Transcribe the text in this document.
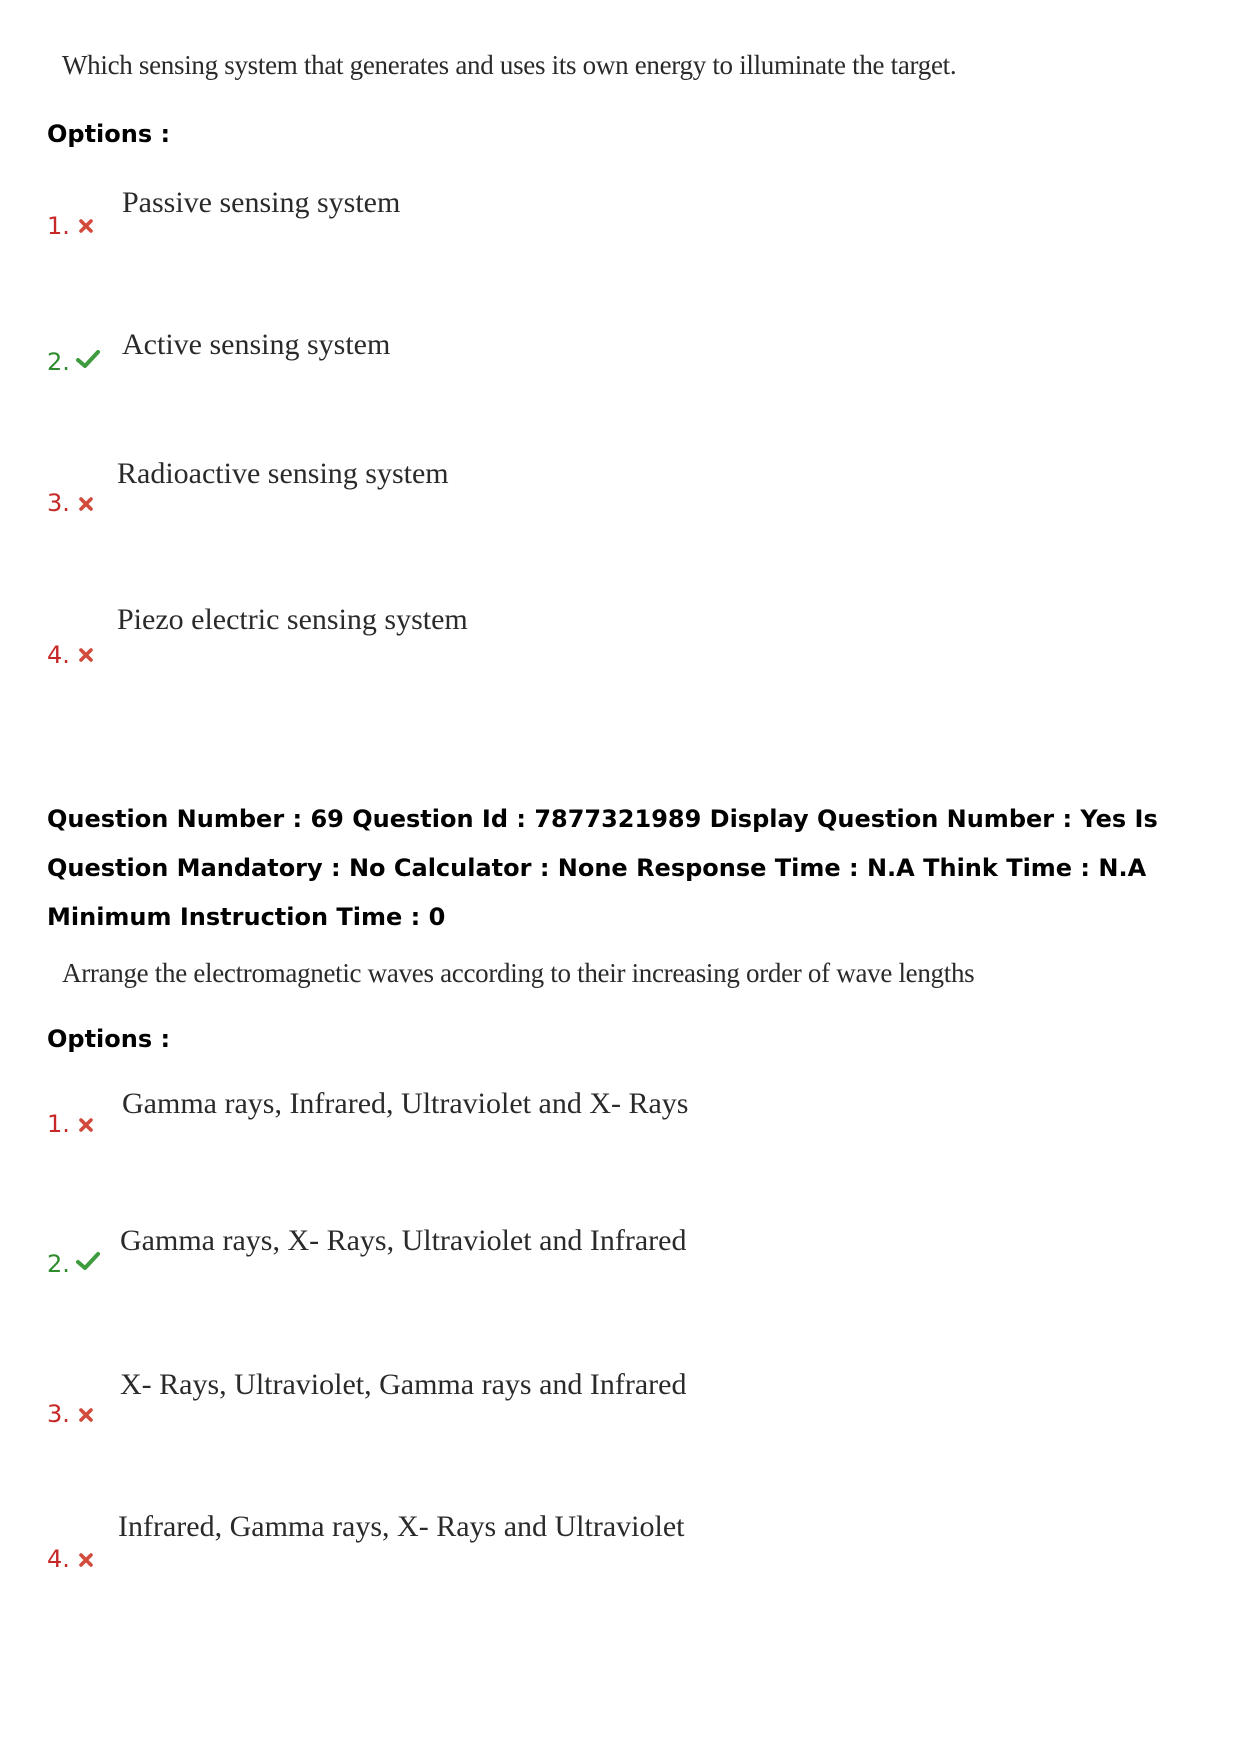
Which sensing system that generates and uses its own energy to illuminate the target.
Options :
1.
Passive sensing system
2.
Active sensing system
3.
Radioactive sensing system
4.
Piezo electric sensing system
Question Number : 69 Question Id : 7877321989 Display Question Number : Yes Is Question Mandatory : No Calculator : None Response Time : N.A Think Time : N.A Minimum Instruction Time : 0
Arrange the electromagnetic waves according to their increasing order of wave lengths
Options :
1.
Gamma rays, Infrared, Ultraviolet and X- Rays
2.
Gamma rays, X- Rays, Ultraviolet and Infrared
3.
X- Rays, Ultraviolet, Gamma rays and Infrared
4.
Infrared, Gamma rays, X- Rays and Ultraviolet
